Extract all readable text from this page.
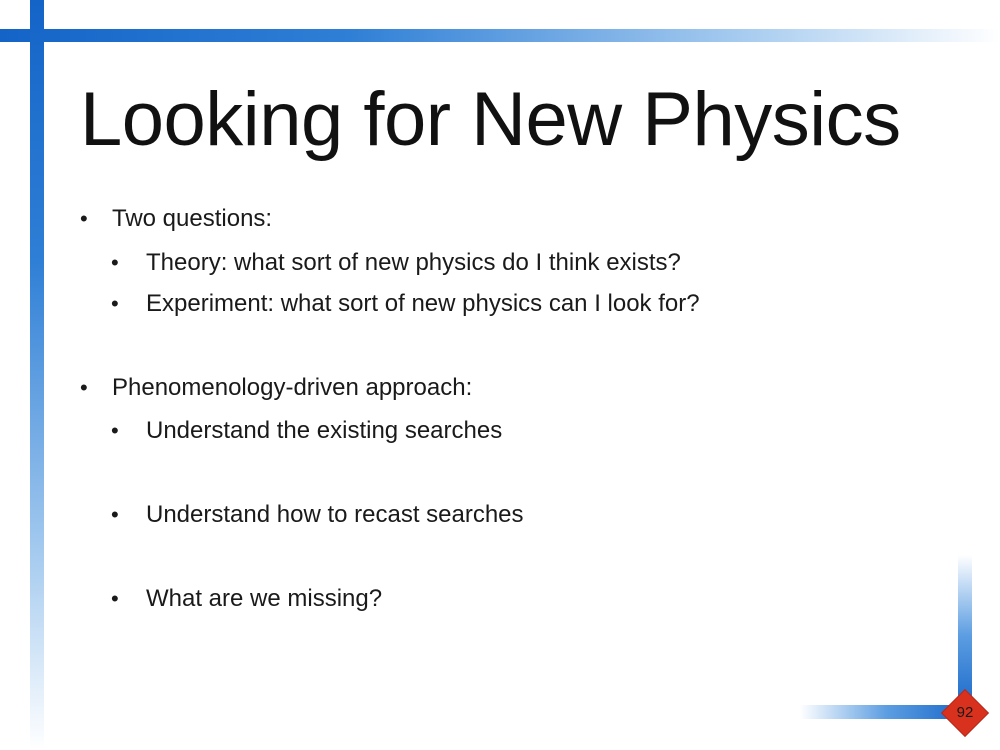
Looking for New Physics
• Two questions:
• Theory: what sort of new physics do I think exists?
• Experiment: what sort of new physics can I look for?
• Phenomenology-driven approach:
• Understand the existing searches
• Understand how to recast searches
• What are we missing?
92
